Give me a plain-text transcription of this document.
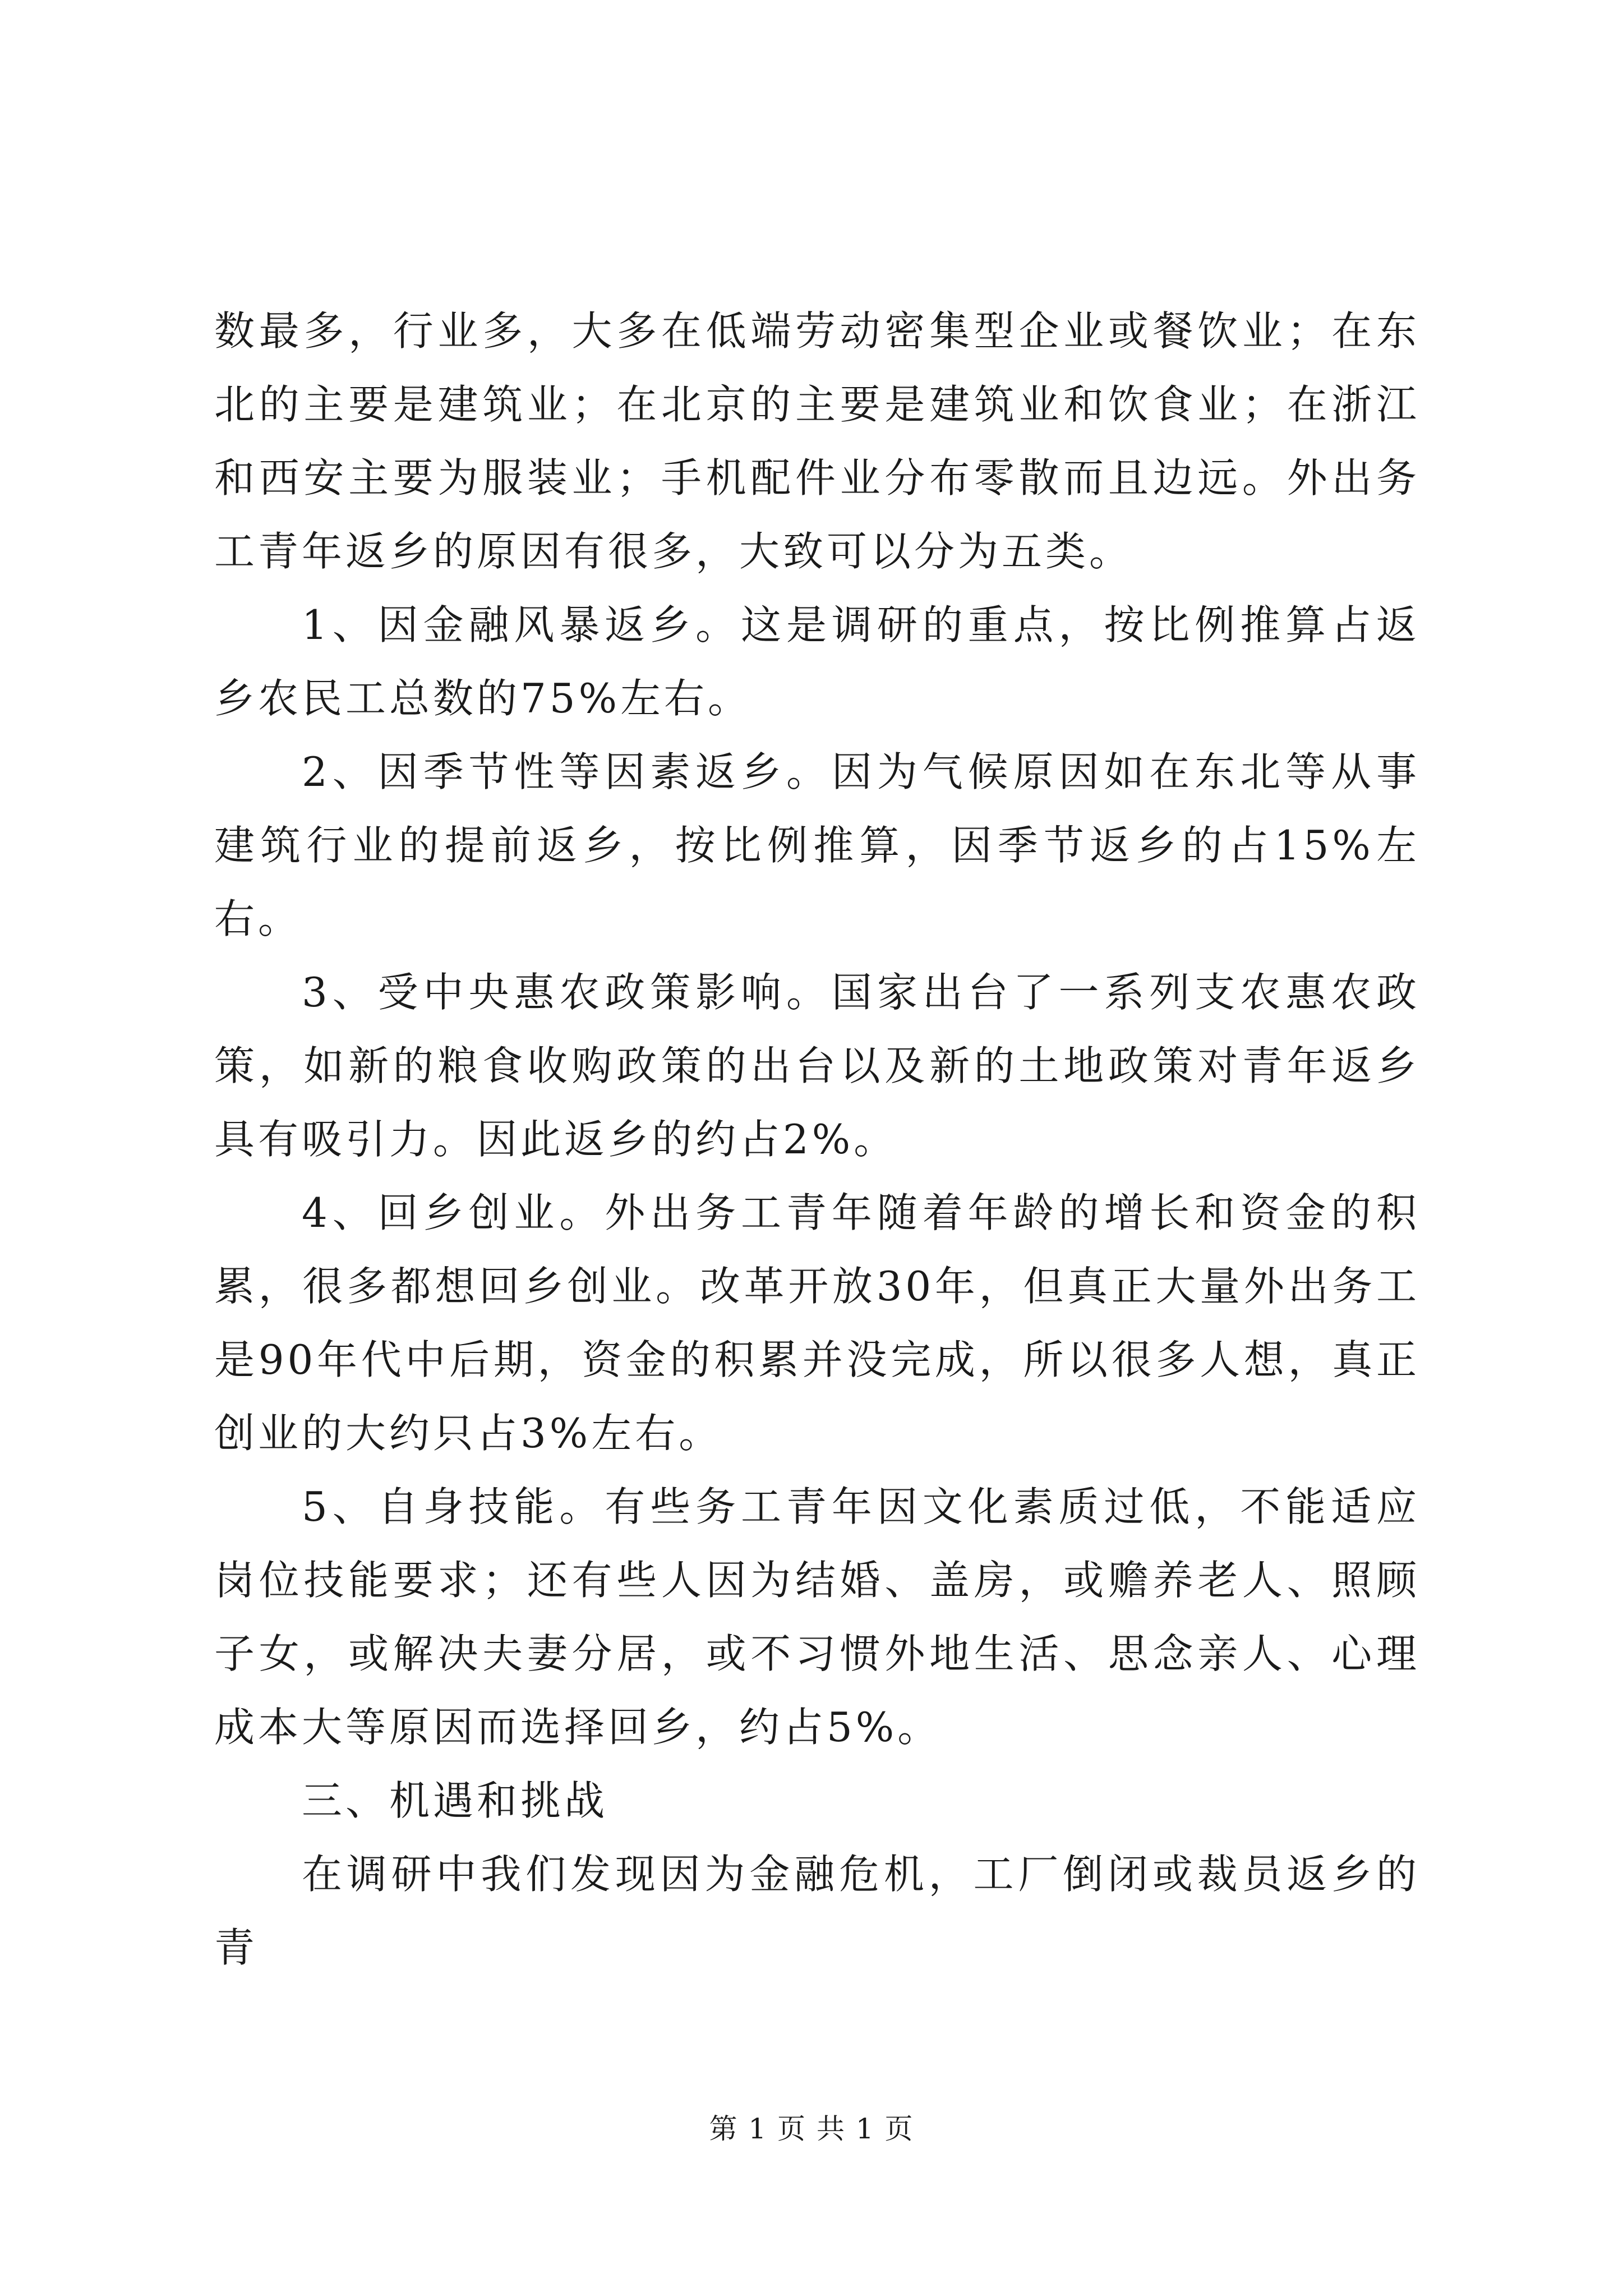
数最多，行业多，大多在低端劳动密集型企业或餐饮业；在东北的主要是建筑业；在北京的主要是建筑业和饮食业；在浙江和西安主要为服装业；手机配件业分布零散而且边远。外出务工青年返乡的原因有很多，大致可以分为五类。

1、因金融风暴返乡。这是调研的重点，按比例推算占返乡农民工总数的75%左右。

2、因季节性等因素返乡。因为气候原因如在东北等从事建筑行业的提前返乡，按比例推算，因季节返乡的占15%左右。

3、受中央惠农政策影响。国家出台了一系列支农惠农政策，如新的粮食收购政策的出台以及新的土地政策对青年返乡具有吸引力。因此返乡的约占2%。

4、回乡创业。外出务工青年随着年龄的增长和资金的积累，很多都想回乡创业。改革开放30年，但真正大量外出务工是90年代中后期，资金的积累并没完成，所以很多人想，真正创业的大约只占3%左右。

5、自身技能。有些务工青年因文化素质过低，不能适应岗位技能要求；还有些人因为结婚、盖房，或赡养老人、照顾子女，或解决夫妻分居，或不习惯外地生活、思念亲人、心理成本大等原因而选择回乡，约占5%。

三、机遇和挑战

在调研中我们发现因为金融危机，工厂倒闭或裁员返乡的青

第 1 页 共 1 页
